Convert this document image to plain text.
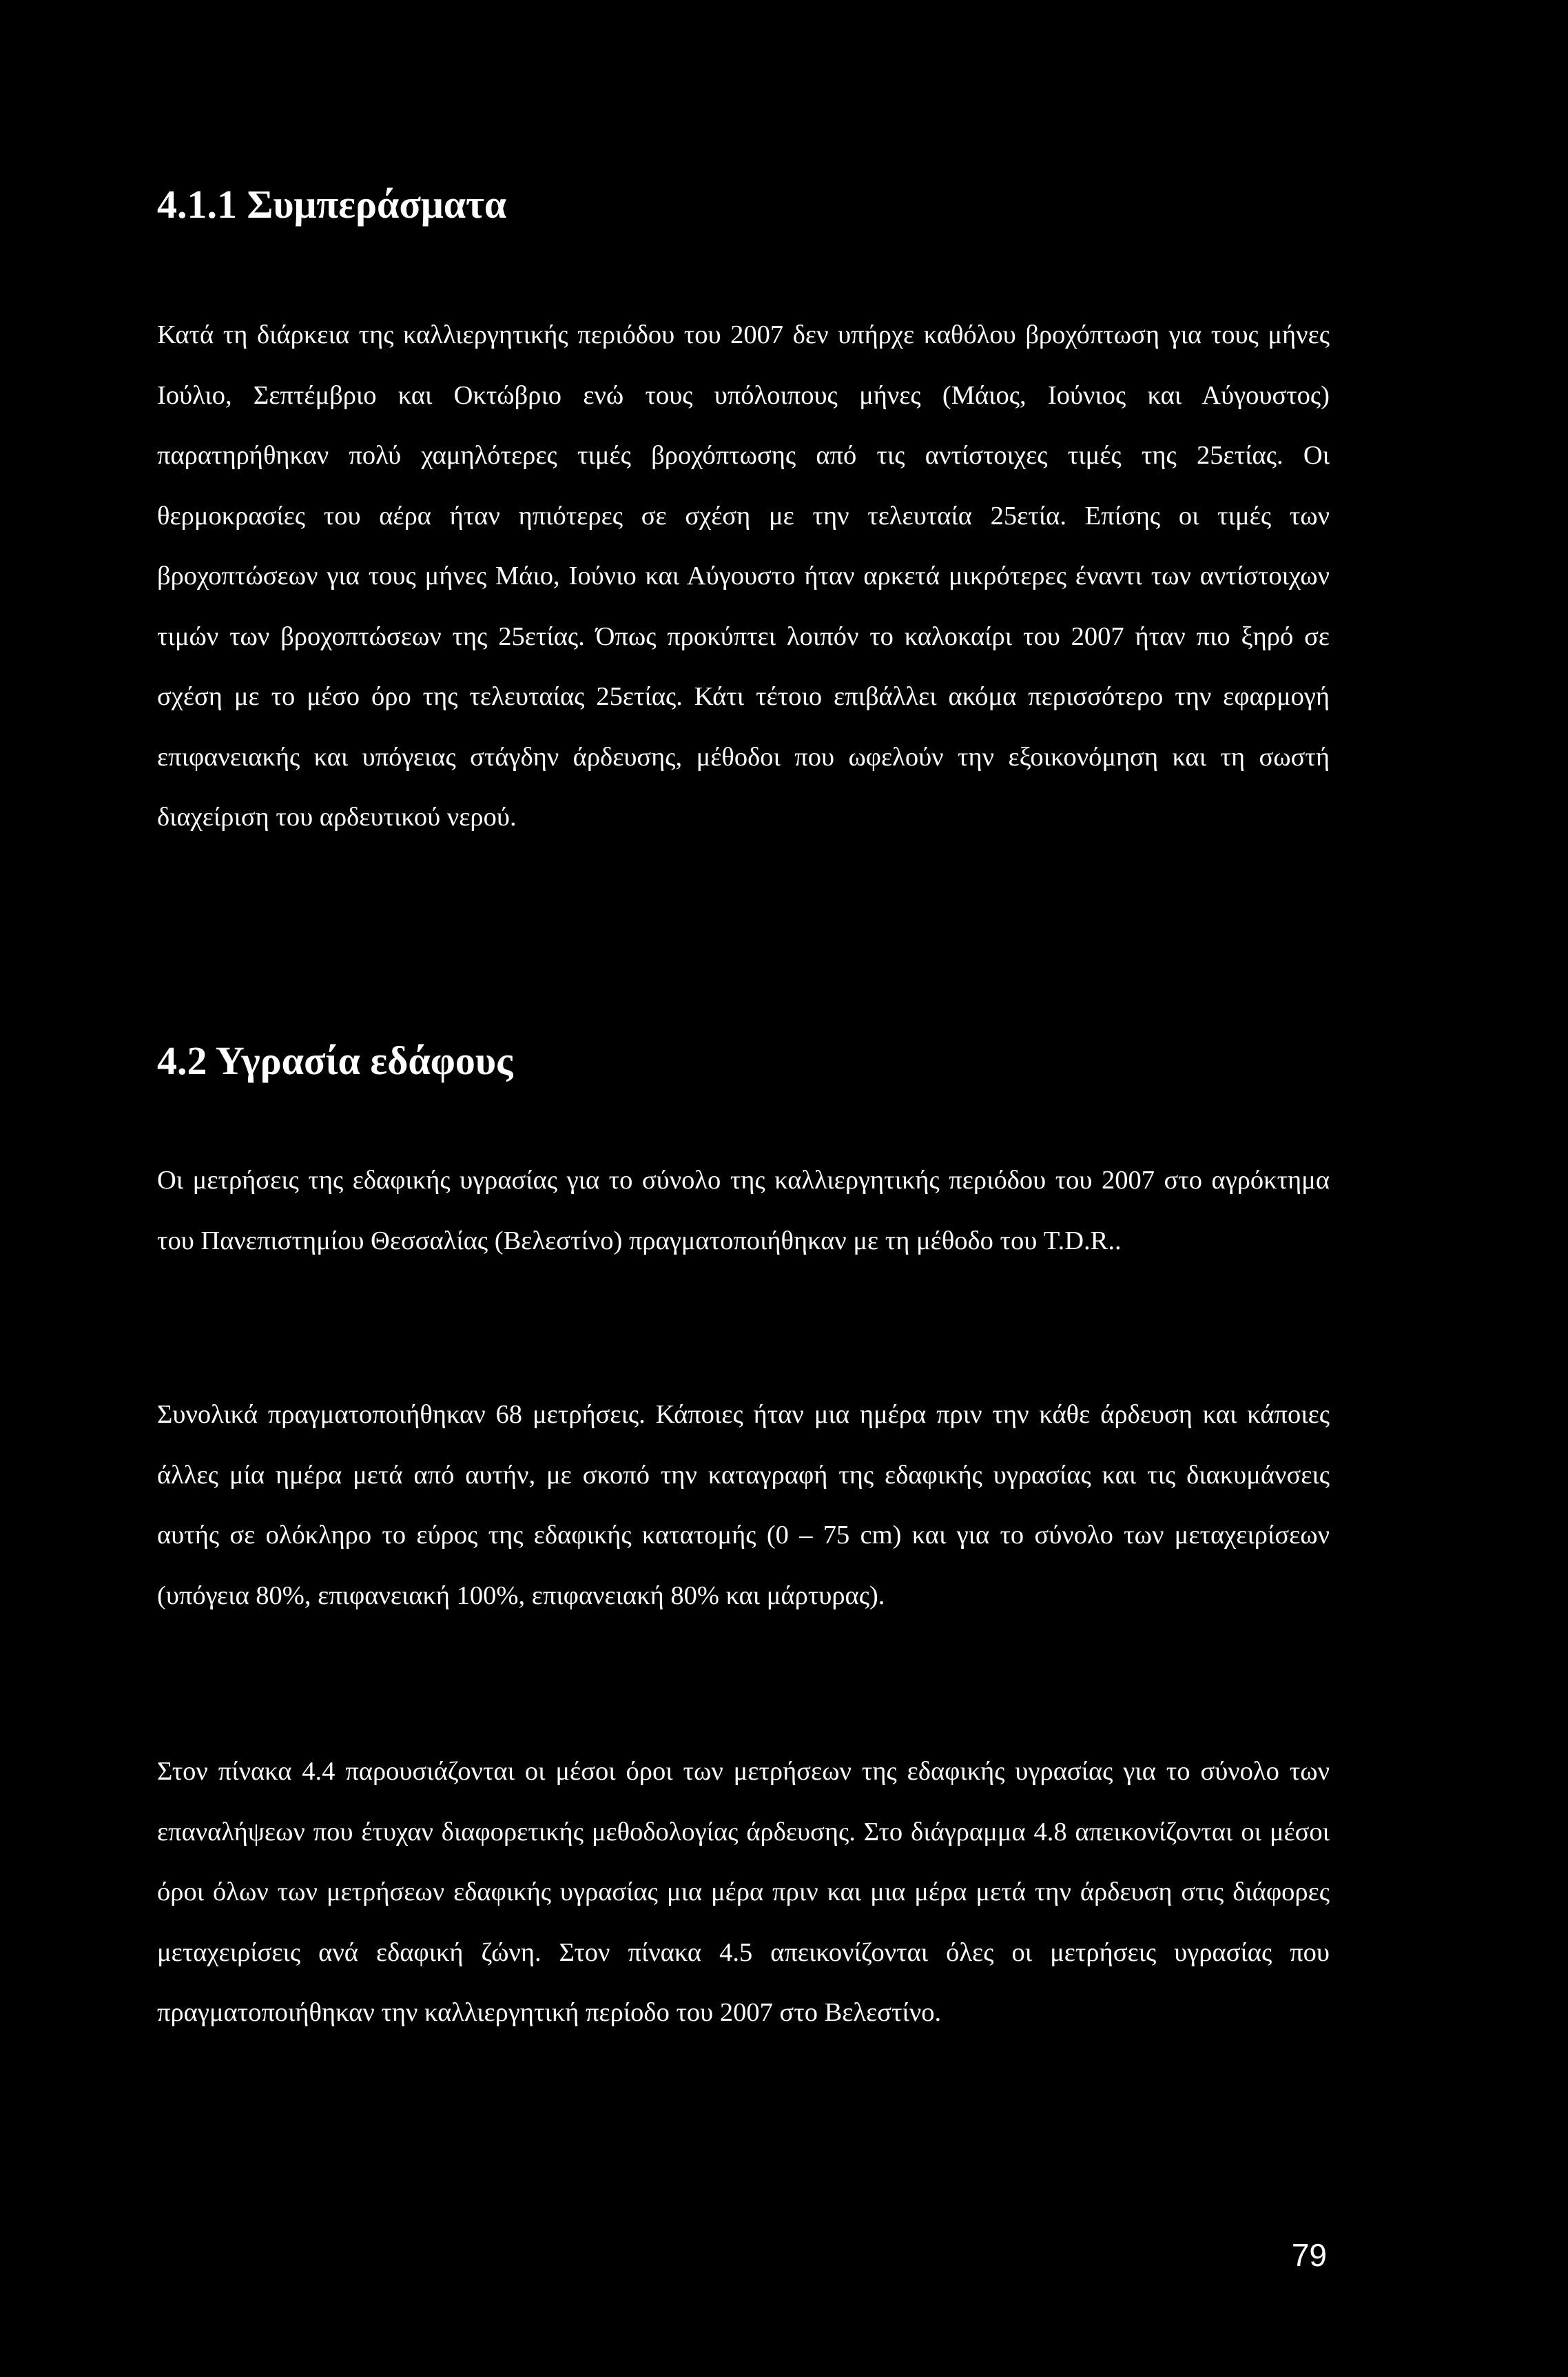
4.1.1 Συμπεράσματα

Κατά τη διάρκεια της καλλιεργητικής περιόδου του 2007 δεν υπήρχε καθόλου βροχόπτωση για τους μήνες Ιούλιο, Σεπτέμβριο και Οκτώβριο ενώ τους υπόλοιπους μήνες (Μάιος, Ιούνιος και Αύγουστος) παρατηρήθηκαν πολύ χαμηλότερες τιμές βροχόπτωσης από τις αντίστοιχες τιμές της 25ετίας. Οι θερμοκρασίες του αέρα ήταν ηπιότερες σε σχέση με την τελευταία 25ετία. Επίσης οι τιμές των βροχοπτώσεων για τους μήνες Μάιο, Ιούνιο και Αύγουστο ήταν αρκετά μικρότερες έναντι των αντίστοιχων τιμών των βροχοπτώσεων της 25ετίας. Όπως προκύπτει λοιπόν το καλοκαίρι του 2007 ήταν πιο ξηρό σε σχέση με το μέσο όρο της τελευταίας 25ετίας. Κάτι τέτοιο επιβάλλει ακόμα περισσότερο την εφαρμογή επιφανειακής και υπόγειας στάγδην άρδευσης, μέθοδοι που ωφελούν την εξοικονόμηση και τη σωστή διαχείριση του αρδευτικού νερού.

4.2 Υγρασία εδάφους

Οι μετρήσεις της εδαφικής υγρασίας για το σύνολο της καλλιεργητικής περιόδου του 2007 στο αγρόκτημα του Πανεπιστημίου Θεσσαλίας (Βελεστίνο) πραγματοποιήθηκαν με τη μέθοδο του T.D.R..

Συνολικά πραγματοποιήθηκαν 68 μετρήσεις. Κάποιες ήταν μια ημέρα πριν την κάθε άρδευση και κάποιες άλλες μία ημέρα μετά από αυτήν, με σκοπό την καταγραφή της εδαφικής υγρασίας και τις διακυμάνσεις αυτής σε ολόκληρο το εύρος της εδαφικής κατατομής (0 – 75 cm) και για το σύνολο των μεταχειρίσεων (υπόγεια 80%, επιφανειακή 100%, επιφανειακή 80% και μάρτυρας).

Στον πίνακα 4.4 παρουσιάζονται οι μέσοι όροι των μετρήσεων της εδαφικής υγρασίας για το σύνολο των επαναλήψεων που έτυχαν διαφορετικής μεθοδολογίας άρδευσης. Στο διάγραμμα 4.8 απεικονίζονται οι μέσοι όροι όλων των μετρήσεων εδαφικής υγρασίας μια μέρα πριν και μια μέρα μετά την άρδευση στις διάφορες μεταχειρίσεις ανά εδαφική ζώνη. Στον πίνακα 4.5 απεικονίζονται όλες οι μετρήσεις υγρασίας που πραγματοποιήθηκαν την καλλιεργητική περίοδο του 2007 στο Βελεστίνο.

79
